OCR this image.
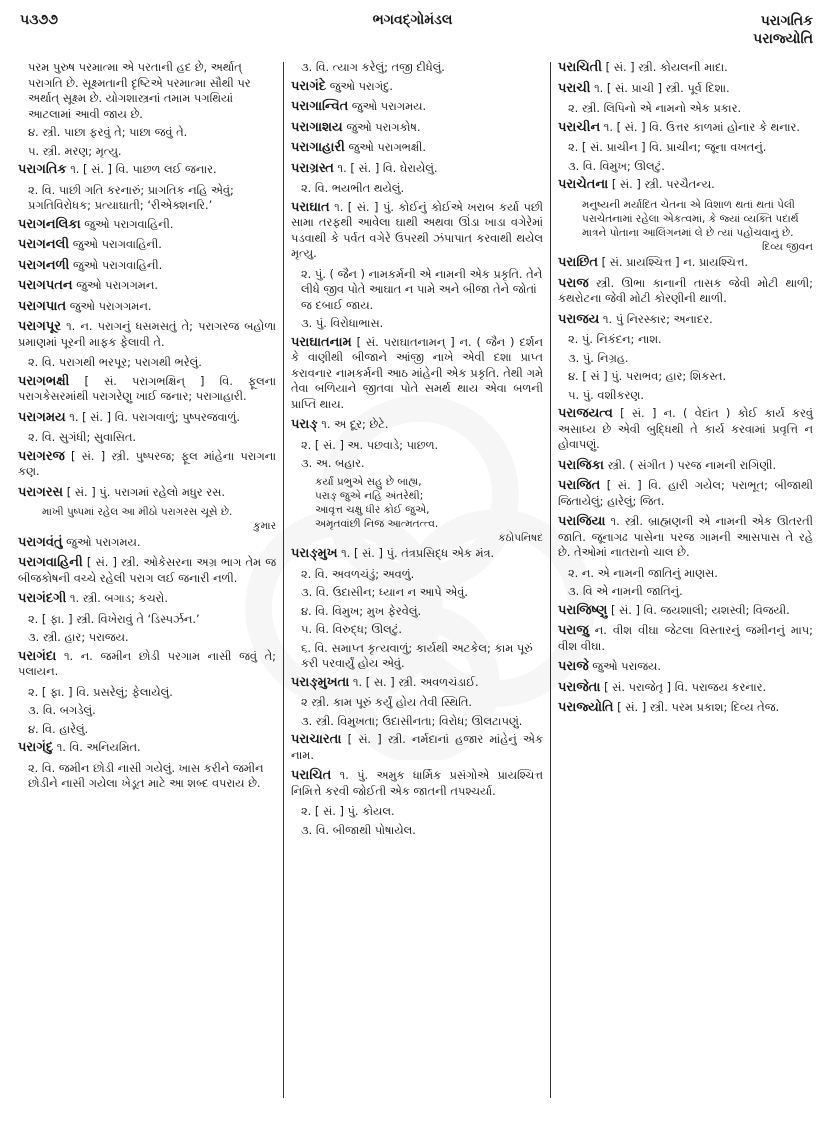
૫૩૭૭	ભગવદ્ગોમંડલ	પરાગતિક
પરાજ્યોતિ
પરમ પુરુષ પરમાત્મા એ પરતાની હદ છે, અર્થાત્ પરાગતિ છે. સૂક્ષ્મતાની દૃષ્ટિએ પરમાત્મા સૌથી પર અર્થાત્ સૂક્ષ્મ છે. યોગશાસ્ત્રનાં તમામ પગથિયાં આટલામાં આવી જાય છે.
૪. સ્ત્રી. પાછા ફરવું તે; પાછા જવું તે.
૫. સ્ત્રી. મરણ; મૃત્યુ.
પરાગતિક ૧. [ સં. ] વિ. પાછળ લઈ જનાર.
૨. વિ. પાછી ગતિ કરનારું; પ્રાગતિક નહિ એવું; પ્રગતિવિરોધક; પ્રત્યાઘાતી; ‘રીએક્શનરિ.’
પરાગનલિકા જુઓ પરાગવાહિની.
પરાગનલી જુઓ પરાગવાહિની.
પરાગનળી જુઓ પરાગવાહિની.
પરાગપતન જુઓ પરાગગમન.
પરાગપાત જુઓ પરાગગમન.
પરાગપૂર ૧. ન. પરાગનું ધસમસતું તે; પરાગરજ બહોળા પ્રમાણમાં પૂરની માફક ફેલાવી તે.
૨. વિ. પરાગથી ભરપૂર; પરાગથી ભરેલું.
પરાગભક્ષી [ સં. પરાગભક્ષિન્ ] વિ. ફૂલના પરાગકેસરમાંથી પરાગરેણુ ખાઈ જનાર; પરાગાહારી.
પરાગમય ૧. [ સં. ] વિ. પરાગવાળું; પુષ્પરજવાળું.
૨. વિ. સુગંધી; સુવાસિત.
પરાગરજ [ સં. ] સ્ત્રી. પુષ્પરજ; ફૂલ માંહેના પરાગના કણ.
પરાગરસ [ સં. ] પું. પરાગમાં રહેલો મધુર રસ.
માખી પુષ્પમાં રહેલ આ મીઠો પરાગરસ ચૂસે છે.
કુમાર
પરાગવંતું જુઓ પરાગમય.
પરાગવાહિની [ સં. ] સ્ત્રી. ઓકેસરના અગ્ર ભાગ તેમ જ બીજકોષની વચ્ચે રહેલી પરાગ લઈ જનારી નળી.
પરાગંદગી ૧. સ્ત્રી. બગાડ; કચરો.
૨. [ ફા. ] સ્ત્રી. વિખેરાવું તે ‘ડિસ્પર્ઝન.’
૩. સ્ત્રી. હાર; પરાજય.
પરાગંદા ૧. ન. જમીન છોડી પરગામ નાસી જવું તે; પલાયન.
૨. [ ફા. ] વિ. પ્રસરેલું; ફેલાયેલું.
૩. વિ. બગડેલું.
૪. વિ. હારેલું.
પરાગંદુ ૧. વિ. અનિયમિત.
૨. વિ. જમીન છોડી નાસી ગયેલું. ખાસ કરીને જમીન છોડીને નાસી ગયેલા ખેડૂત માટે આ શબ્દ વપરાય છે.
૩. વિ. ત્યાગ કરેલું; તજી દીધેલું.
પરાગંદે જુઓ પરાગંદુ.
પરાગાન્વિત જુઓ પરાગમય.
પરાગાશય જુઓ પરાગકોષ.
પરાગાહારી જુઓ પરાગભક્ષી.
પરાગ્રસ્ત ૧. [ સં. ] વિ. ઘેરાયેલું.
૨. વિ. ભયભીત થયેલું.
પરાઘાત ૧. [ સં. ] પું. કોઈનું કોઈએ ખરાબ કર્યા પછી સામા તરફથી આવેલા ઘાથી અથવા ઊંડા ખાડા વગેરેમાં પડવાથી કે પર્વત વગેરે ઉપરથી ઝંપાપાત કરવાથી થયેલ મૃત્યુ.
૨. પું. ( જૈન ) નામકર્મની એ નામની એક પ્રકૃતિ. તેને લીધે જીવ પોતે આઘાત ન પામે અને બીજા તેને જોતાં જ દબાઈ જાય.
૩. પું. વિરોધાભાસ.
પરાઘાતનામ [ સં. પરાઘાતનામન્ ] ન. ( જૈન ) દર્શન કે વાણીથી બીજાને આંજી નાખે એવી દશા પ્રાપ્ત કરાવનાર નામકર્મની આઠ માંહેની એક પ્રકૃતિ. તેથી ગમે તેવા બળિયાને જીતવા પોતે સમર્થ થાય એવા બળની પ્રાપ્તિ થાય.
પરાઙ્ ૧. અ દૂર; છેટે.
૨. [ સં. ] અ. પછવાડે; પાછળ.
૩. અ. બહાર.
કર્યાં પ્રભુએ સહુ છે બાહ્ય,
પરાઙ્ જુએ નહિ અંતરેથી;
આવૃત્ત ચક્ષુ ધીર કોઈ જુએ,
અમૃતવાંછી નિજ આત્મતત્ત્વ.
કઠોપનિષદ
પરાઙ્મુખ ૧. [ સં. ] પું. તંત્રપ્રસિદ્ધ એક મંત્ર.
૨. વિ. અવળચંડું; અવળું.
૩. વિ. ઉદાસીન; ધ્યાન ન આપે એવું.
૪. વિ. વિમુખ; મુખ ફેરવેલું.
૫. વિ. વિરુદ્ધ; ઊલટું.
૬. વિ. સમાપ્ત કૃત્યવાળું; કાર્યથી અટકેલ; કામ પૂરું કરી પરવાર્યું હોય એવું.
પરાઙ્મુખતા ૧. [ સ. ] સ્ત્રી. અવળચંડાઈ.
૨ સ્ત્રી. કામ પૂરું કર્યું હોય તેવી સ્થિતિ.
૩. સ્ત્રી. વિમુખતા; ઉદાસીનતા; વિરોધ; ઊલટાપણું.
પરાચારતા [ સં. ] સ્ત્રી. નર્મદાનાં હજાર માંહેનું એક નામ.
પરાચિત ૧. પું. અમુક ધાર્મિક પ્રસંગોએ પ્રાયશ્ચિત્ત નિમિત્તે કરવી જોઈતી એક જાતની તપશ્ચર્યા.
૨. [ સં. ] પું. કોયલ.
૩. વિ. બીજાથી પોષાયેલ.
પરાચિતી [ સં. ] સ્ત્રી. કોયલની માદા.
પરાચી ૧. [ સં. પ્રાચી ] સ્ત્રી. પૂર્વ દિશા.
૨. સ્ત્રી. લિપિનો એ નામનો એક પ્રકાર.
પરાચીન ૧. [ સં. ] વિ. ઉત્તર કાળમાં હોનાર કે થનાર.
૨. [ સં. પ્રાચીન ] વિ. પ્રાચીન; જૂના વખતનું.
૩. વિ. વિમુખ; ઊલટું.
પરાચેતના [ સં. ] સ્ત્રી. પરચૈતન્ય.
મનુષ્યની મર્યાદિત ચેતના એ વિશાળ થતાં થતાં પેલી પરાચેતનામાં રહેલા એકત્વમાં, કે જ્યાં વ્યક્તિ પદાર્થ માત્રને પોતાના આલિંગનમાં લે છે ત્યાં પહોંચવાનું છે.
દિવ્ય જીવન
પરાછિત [ સં. પ્રાયશ્ચિત્ત ] ન. પ્રાયશ્ચિત્ત.
પરાજ સ્ત્રી. ઊભા કાનાની તાસક જેવી મોટી થાળી; કથરોટના જેવી મોટી કોરણીની થાળી.
પરાજય ૧. પું નિરસ્કાર; અનાદર.
૨. પું. નિકંદન; નાશ.
૩. પું. નિગ્રહ.
૪. [ સં ] પું. પરાભવ; હાર; શિકસ્ત.
૫. પું. વશીકરણ.
પરાજયત્વ [ સં. ] ન. ( વેદાંત ) કોઈ કાર્ય કરવું અસાધ્ય છે એવી બુદ્ધિથી તે કાર્ય કરવામાં પ્રવૃત્તિ ન હોવાપણું.
પરાજિકા સ્ત્રી. ( સંગીત ) પરજ નામની રાગિણી.
પરાજિત [ સં. ] વિ. હારી ગયેલ; પરાભૂત; બીજાથી જિતાયેલું; હારેલું; જિત.
પરાજિયા ૧. સ્ત્રી. બ્રાહ્મણની એ નામની એક ઊતરતી જાતિ. જૂનાગઢ પાસેના પરજ ગામની આસપાસ તે રહે છે. તેઓમાં નાતરાનો ચાલ છે.
૨. ન. એ નામની જાતિનું માણસ.
૩. વિ એ નામની જાતિનું.
પરાજિષ્ણુ [ સં. ] વિ. જયશાલી; યશસ્વી; વિજયી.
પરાજુ ન. વીશ વીઘા જેટલા વિસ્તારનું જમીનનું માપ; વીશ વીઘા.
પરાજે જુઓ પરાજય.
પરાજેતા [ સં. પરાજેતૃ ] વિ. પરાજય કરનાર.
પરાજ્યોતિ [ સં. ] સ્ત્રી. પરમ પ્રકાશ; દિવ્ય તેજ.
